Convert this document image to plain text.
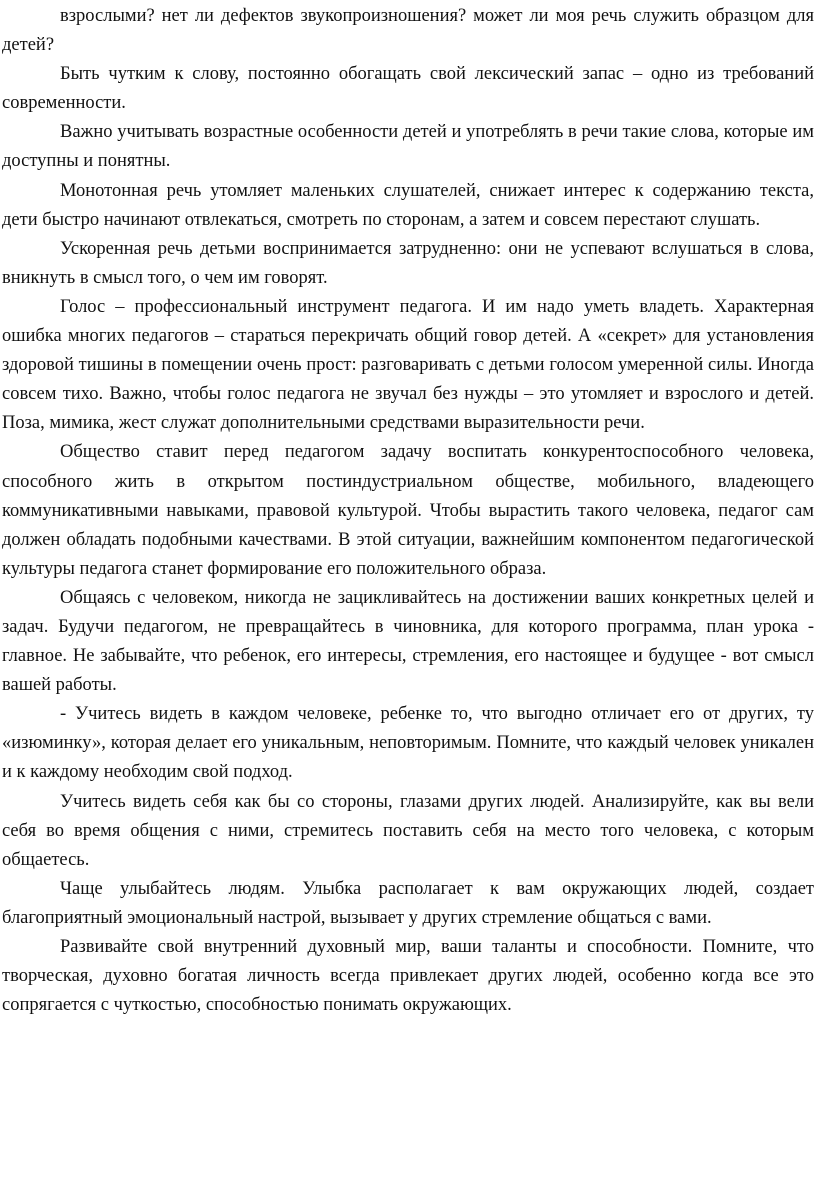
взрослыми? нет ли дефектов звукопроизношения? может ли моя речь служить образцом для детей?

Быть чутким к слову, постоянно обогащать свой лексический запас – одно из требований современности.

Важно учитывать возрастные особенности детей и употреблять в речи такие слова, которые им доступны и понятны.

Монотонная речь утомляет маленьких слушателей, снижает интерес к содержанию текста, дети быстро начинают отвлекаться, смотреть по сторонам, а затем и совсем перестают слушать.

Ускоренная речь детьми воспринимается затрудненно: они не успевают вслушаться в слова, вникнуть в смысл того, о чем им говорят.

Голос – профессиональный инструмент педагога. И им надо уметь владеть. Характерная ошибка многих педагогов – стараться перекричать общий говор детей. А «секрет» для установления здоровой тишины в помещении очень прост: разговаривать с детьми голосом умеренной силы. Иногда совсем тихо. Важно, чтобы голос педагога не звучал без нужды – это утомляет и взрослого и детей. Поза, мимика, жест служат дополнительными средствами выразительности речи.

Общество ставит перед педагогом задачу воспитать конкурентоспособного человека, способного жить в открытом постиндустриальном обществе, мобильного, владеющего коммуникативными навыками, правовой культурой. Чтобы вырастить такого человека, педагог сам должен обладать подобными качествами. В этой ситуации, важнейшим компонентом педагогической культуры педагога станет формирование его положительного образа.

Общаясь с человеком, никогда не зацикливайтесь на достижении ваших конкретных целей и задач. Будучи педагогом, не превращайтесь в чиновника, для которого программа, план урока - главное. Не забывайте, что ребенок, его интересы, стремления, его настоящее и будущее - вот смысл вашей работы.

- Учитесь видеть в каждом человеке, ребенке то, что выгодно отличает его от других, ту «изюминку», которая делает его уникальным, неповторимым. Помните, что каждый человек уникален и к каждому необходим свой подход.

Учитесь видеть себя как бы со стороны, глазами других людей. Анализируйте, как вы вели себя во время общения с ними, стремитесь поставить себя на место того человека, с которым общаетесь.

Чаще улыбайтесь людям. Улыбка располагает к вам окружающих людей, создает благоприятный эмоциональный настрой, вызывает у других стремление общаться с вами.

Развивайте свой внутренний духовный мир, ваши таланты и способности. Помните, что творческая, духовно богатая личность всегда привлекает других людей, особенно когда все это сопрягается с чуткостью, способностью понимать окружающих.
